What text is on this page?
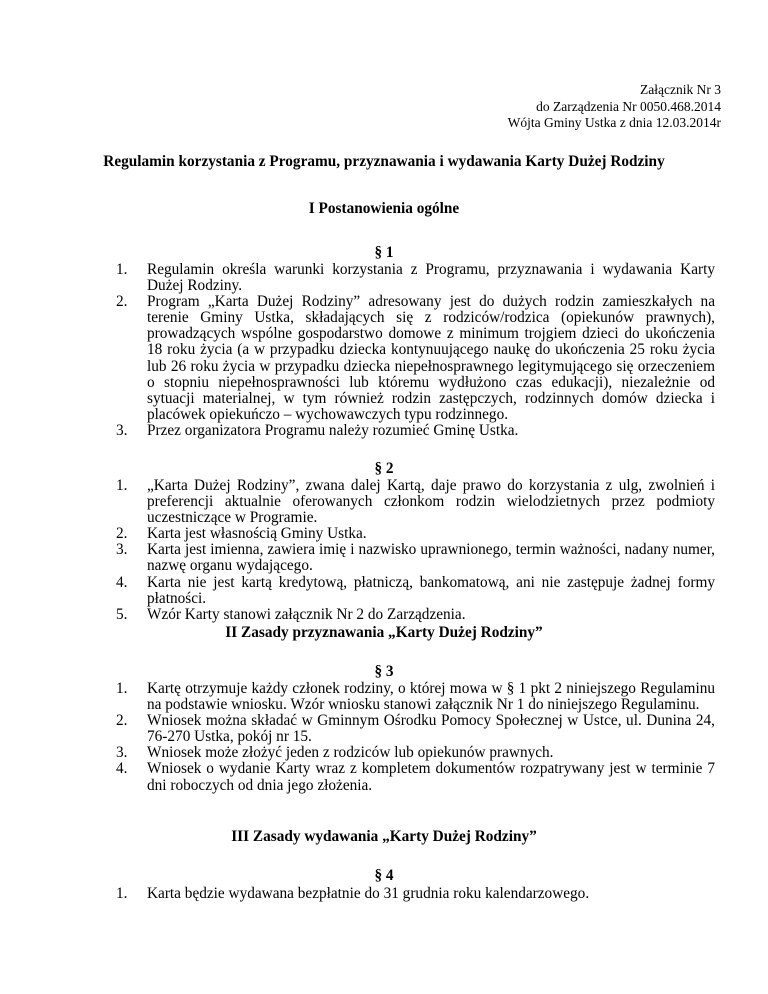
Załącznik Nr 3
do Zarządzenia Nr 0050.468.2014
Wójta Gminy Ustka z dnia 12.03.2014r
Regulamin korzystania z Programu, przyznawania i wydawania Karty Dużej Rodziny
I Postanowienia ogólne
§ 1
1. Regulamin określa warunki korzystania z Programu, przyznawania i wydawania Karty Dużej Rodziny.
2. Program „Karta Dużej Rodziny” adresowany jest do dużych rodzin zamieszkałych na terenie Gminy Ustka, składających się z rodziców/rodzica (opiekunów prawnych), prowadzących wspólne gospodarstwo domowe z minimum trojgiem dzieci do ukończenia 18 roku życia (a w przypadku dziecka kontynuującego naukę do ukończenia 25 roku życia lub 26 roku życia w przypadku dziecka niepełnosprawnego legitymującego się orzeczeniem o stopniu niepełnosprawności lub któremu wydłużono czas edukacji), niezależnie od sytuacji materialnej, w tym również rodzin zastępczych, rodzinnych domów dziecka i placówek opiekuńczo – wychowawczych typu rodzinnego.
3. Przez organizatora Programu należy rozumieć Gminę Ustka.
§ 2
1. „Karta Dużej Rodziny”, zwana dalej Kartą, daje prawo do korzystania z ulg, zwolnień i preferencji aktualnie oferowanych członkom rodzin wielodzietnych przez podmioty uczestniczące w Programie.
2. Karta jest własnością Gminy Ustka.
3. Karta jest imienna, zawiera imię i nazwisko uprawnionego, termin ważności, nadany numer, nazwę organu wydającego.
4. Karta nie jest kartą kredytową, płatniczą, bankomatową, ani nie zastępuje żadnej formy płatności.
5. Wzór Karty stanowi załącznik Nr 2 do Zarządzenia.
II Zasady przyznawania „Karty Dużej Rodziny”
§ 3
1. Kartę otrzymuje każdy członek rodziny, o której mowa w § 1 pkt 2 niniejszego Regulaminu na podstawie wniosku. Wzór wniosku stanowi załącznik Nr 1 do niniejszego Regulaminu.
2. Wniosek można składać w Gminnym Ośrodku Pomocy Społecznej w Ustce, ul. Dunina 24, 76-270 Ustka, pokój nr 15.
3. Wniosek może złożyć jeden z rodziców lub opiekunów prawnych.
4. Wniosek o wydanie Karty wraz z kompletem dokumentów rozpatrywany jest w terminie 7 dni roboczych od dnia jego złożenia.
III Zasady wydawania „Karty Dużej Rodziny”
§ 4
1. Karta będzie wydawana bezpłatnie do 31 grudnia roku kalendarzowego.
